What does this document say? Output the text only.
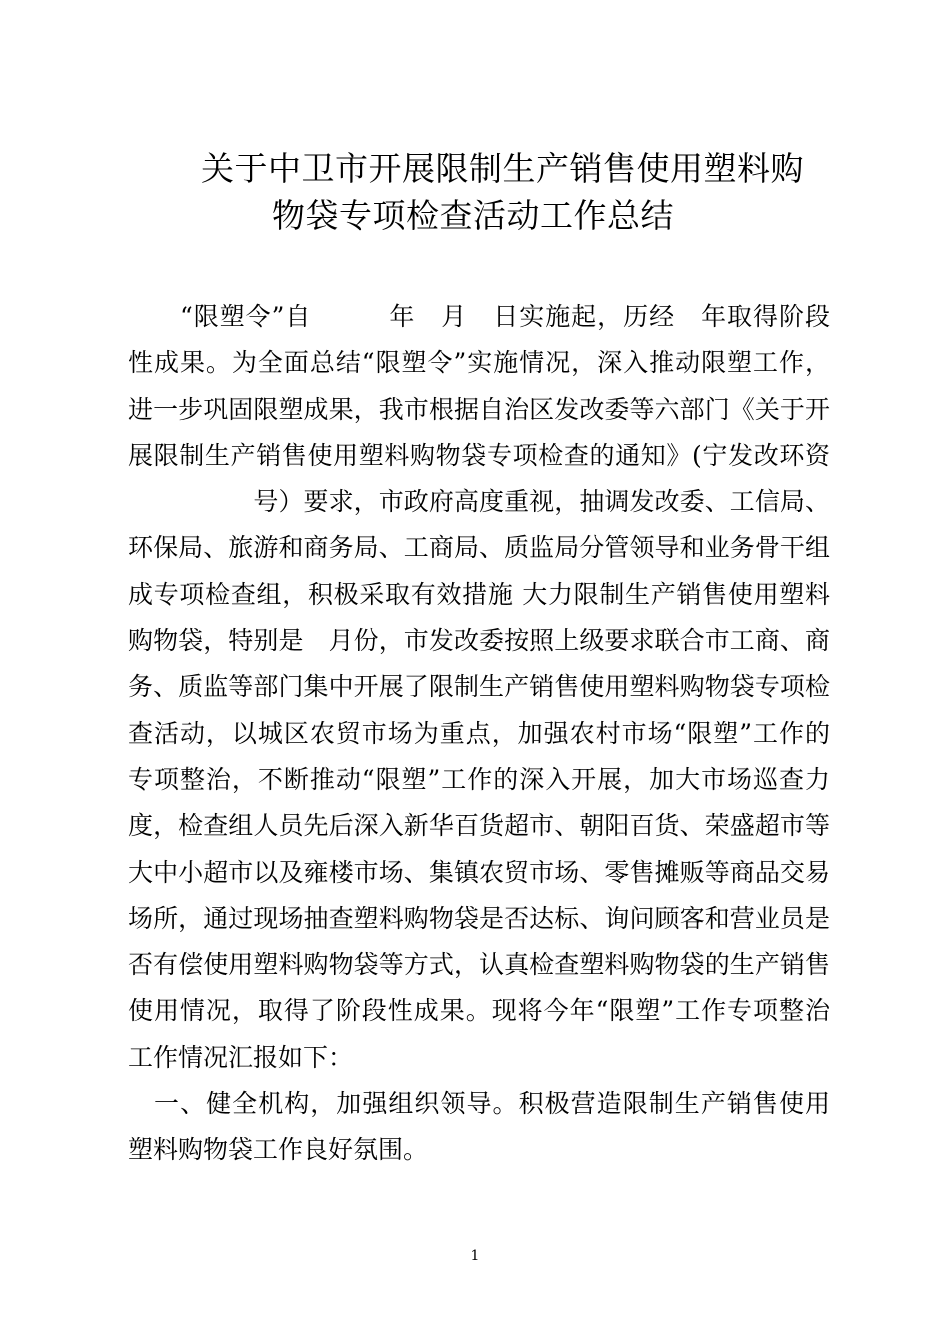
关于中卫市开展限制生产销售使用塑料购
物袋专项检查活动工作总结
　　“限塑令”自　　　年　月　日实施起，历经　年取得阶段
性成果。为全面总结“限塑令”实施情况，深入推动限塑工作，
进一步巩固限塑成果，我市根据自治区发改委等六部门《关于开
展限制生产销售使用塑料购物袋专项检查的通知》(宁发改环资
　　　　　号）要求，市政府高度重视，抽调发改委、工信局、
环保局、旅游和商务局、工商局、质监局分管领导和业务骨干组
成专项检查组，积极采取有效措施 大力限制生产销售使用塑料
购物袋，特别是　月份，市发改委按照上级要求联合市工商、商
务、质监等部门集中开展了限制生产销售使用塑料购物袋专项检
查活动，以城区农贸市场为重点，加强农村市场“限塑”工作的
专项整治，不断推动“限塑”工作的深入开展，加大市场巡查力
度，检查组人员先后深入新华百货超市、朝阳百货、荣盛超市等
大中小超市以及雍楼市场、集镇农贸市场、零售摊贩等商品交易
场所，通过现场抽查塑料购物袋是否达标、询问顾客和营业员是
否有偿使用塑料购物袋等方式，认真检查塑料购物袋的生产销售
使用情况，取得了阶段性成果。现将今年“限塑”工作专项整治
工作情况汇报如下：
　一、健全机构，加强组织领导。积极营造限制生产销售使用
塑料购物袋工作良好氛围。
1
